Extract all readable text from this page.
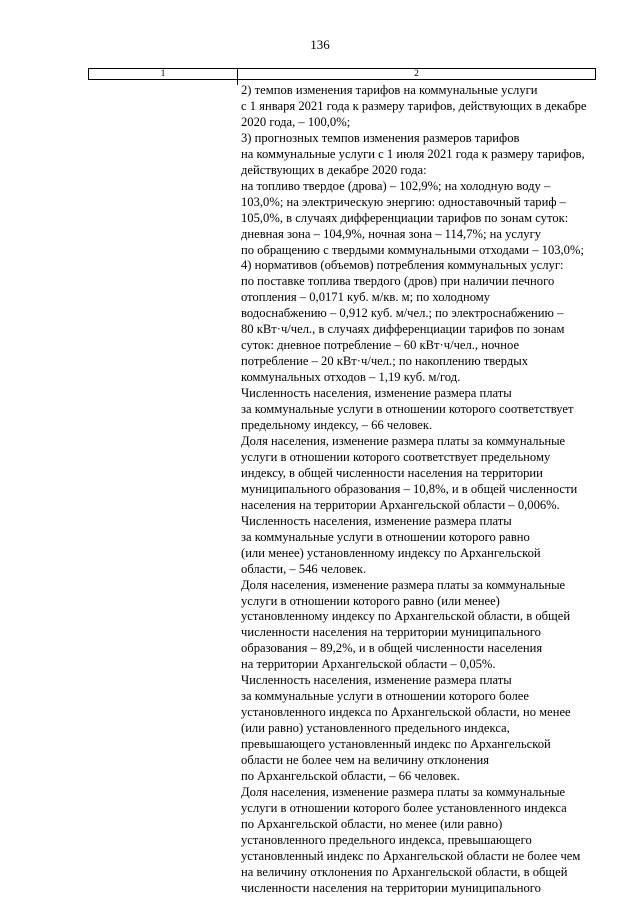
136
1	2
2) темпов изменения тарифов на коммунальные услуги
с 1 января 2021 года к размеру тарифов, действующих в декабре
2020 года, – 100,0%;
3) прогнозных темпов изменения размеров тарифов
на коммунальные услуги с 1 июля 2021 года к размеру тарифов,
действующих в декабре 2020 года:
на топливо твердое (дрова) – 102,9%; на холодную воду –
103,0%; на электрическую энергию: одноставочный тариф –
105,0%, в случаях дифференциации тарифов по зонам суток:
дневная зона – 104,9%, ночная зона – 114,7%; на услугу
по обращению с твердыми коммунальными отходами – 103,0%;
4) нормативов (объемов) потребления коммунальных услуг:
по поставке топлива твердого (дров) при наличии печного
отопления – 0,0171 куб. м/кв. м; по холодному
водоснабжению – 0,912 куб. м/чел.; по электроснабжению –
80 кВт·ч/чел., в случаях дифференциации тарифов по зонам
суток: дневное потребление – 60 кВт·ч/чел., ночное
потребление – 20 кВт·ч/чел.; по накоплению твердых
коммунальных отходов – 1,19 куб. м/год.
Численность населения, изменение размера платы
за коммунальные услуги в отношении которого соответствует
предельному индексу, – 66 человек.
Доля населения, изменение размера платы за коммунальные
услуги в отношении которого соответствует предельному
индексу, в общей численности населения на территории
муниципального образования – 10,8%, и в общей численности
населения на территории Архангельской области – 0,006%.
Численность населения, изменение размера платы
за коммунальные услуги в отношении которого равно
(или менее) установленному индексу по Архангельской
области, – 546 человек.
Доля населения, изменение размера платы за коммунальные
услуги в отношении которого равно (или менее)
установленному индексу по Архангельской области, в общей
численности населения на территории муниципального
образования – 89,2%, и в общей численности населения
на территории Архангельской области – 0,05%.
Численность населения, изменение размера платы
за коммунальные услуги в отношении которого более
установленного индекса по Архангельской области, но менее
(или равно) установленного предельного индекса,
превышающего установленный индекс по Архангельской
области не более чем на величину отклонения
по Архангельской области, – 66 человек.
Доля населения, изменение размера платы за коммунальные
услуги в отношении которого более установленного индекса
по Архангельской области, но менее (или равно)
установленного предельного индекса, превышающего
установленный индекс по Архангельской области не более чем
на величину отклонения по Архангельской области, в общей
численности населения на территории муниципального
